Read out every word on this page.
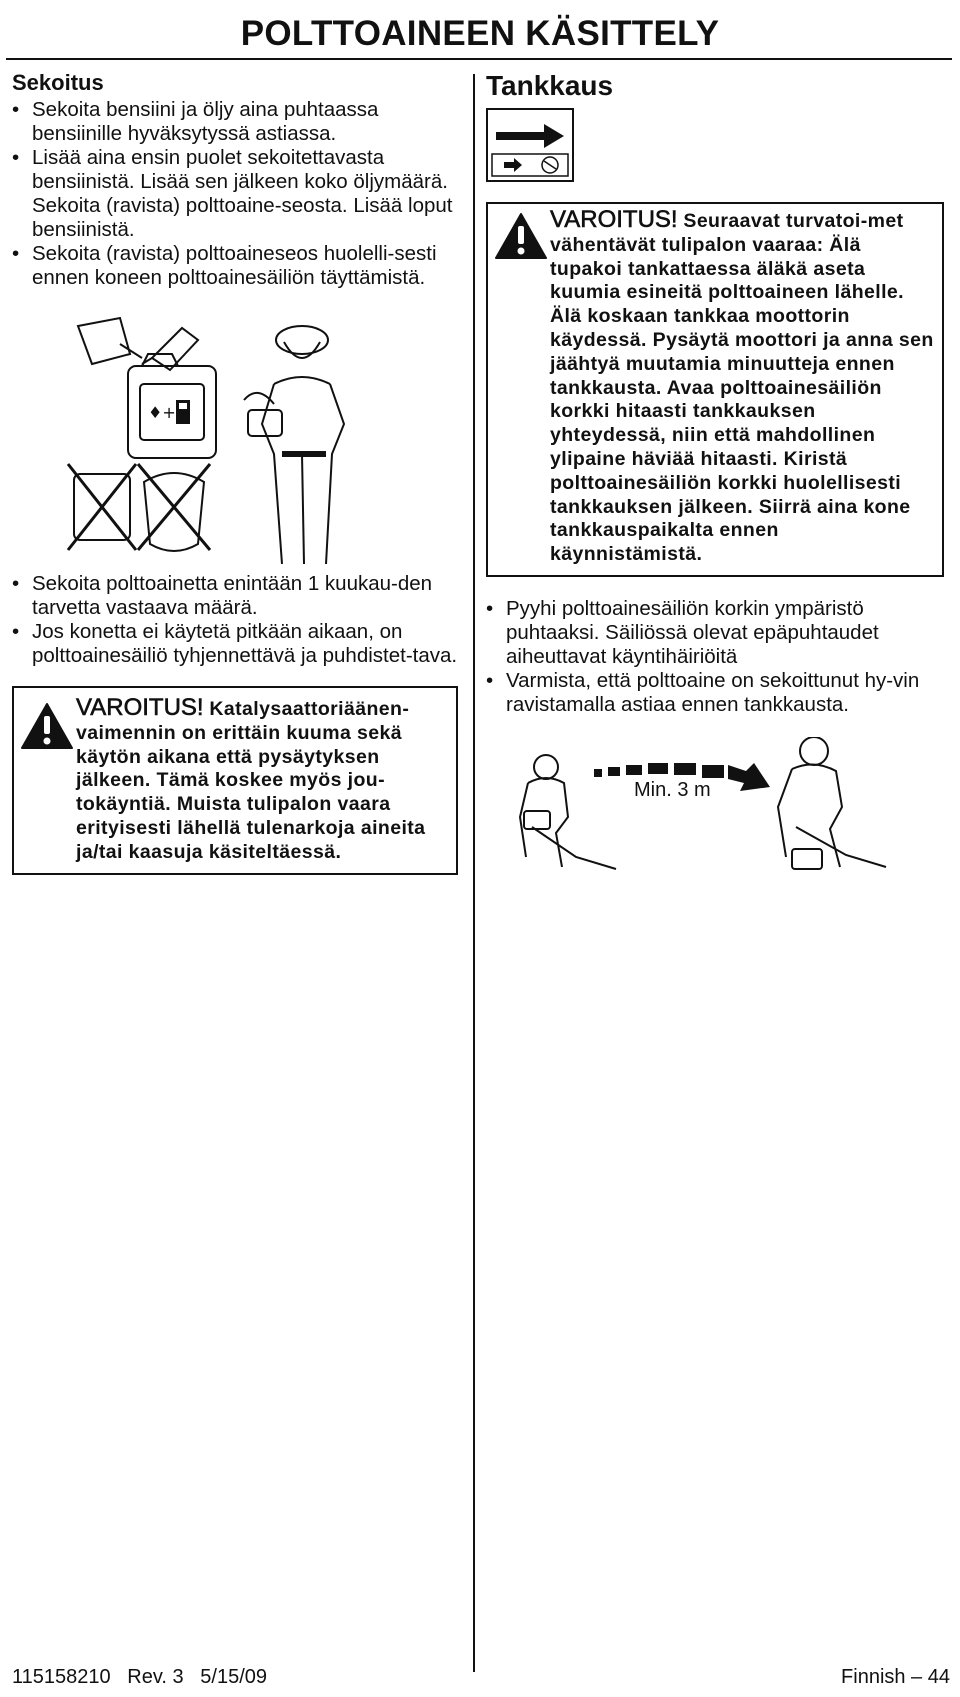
POLTTOAINEEN KÄSITTELY
Sekoitus
• Sekoita bensiini ja öljy aina puhtaassa bensiinille hyväksytyssä astiassa.
• Lisää aina ensin puolet sekoitettavasta bensiinistä. Lisää sen jälkeen koko öljymäärä. Sekoita (ravista) polttoaine-seosta. Lisää loput bensiinistä.
• Sekoita (ravista) polttoaineseos huolelli-sesti ennen koneen polttoainesäiliön täyttämistä.
♦+
• Sekoita polttoainetta enintään 1 kuukau-den tarvetta vastaava määrä.
• Jos konetta ei käytetä pitkään aikaan, on polttoainesäiliö tyhjennettävä ja puhdistet-tava.
VAROITUS! Katalysaattoriäänen-vaimennin on erittäin kuuma sekä käytön aikana että pysäytyksen jälkeen. Tämä koskee myös jou-tokäyntiä. Muista tulipalon vaara erityisesti lähellä tulenarkoja aineita ja/tai kaasuja käsiteltäessä.
Tankkaus
VAROITUS! Seuraavat turvatoi-met vähentävät tulipalon vaaraa: Älä tupakoi tankattaessa äläkä aseta kuumia esineitä polttoaineen lähelle. Älä koskaan tankkaa moottorin käydessä. Pysäytä moottori ja anna sen jäähtyä muutamia minuutteja ennen tankkausta. Avaa polttoainesäiliön korkki hitaasti tankkauksen yhteydessä, niin että mahdollinen ylipaine häviää hitaasti. Kiristä polttoainesäiliön korkki huolellisesti tankkauksen jälkeen. Siirrä aina kone tankkauspaikalta ennen käynnistämistä.
• Pyyhi polttoainesäiliön korkin ympäristö puhtaaksi. Säiliössä olevat epäpuhtaudet aiheuttavat käyntihäiriöitä
• Varmista, että polttoaine on sekoittunut hy-vin ravistamalla astiaa ennen tankkausta.
Min. 3 m
115158210   Rev. 3   5/15/09	Finnish – 44
